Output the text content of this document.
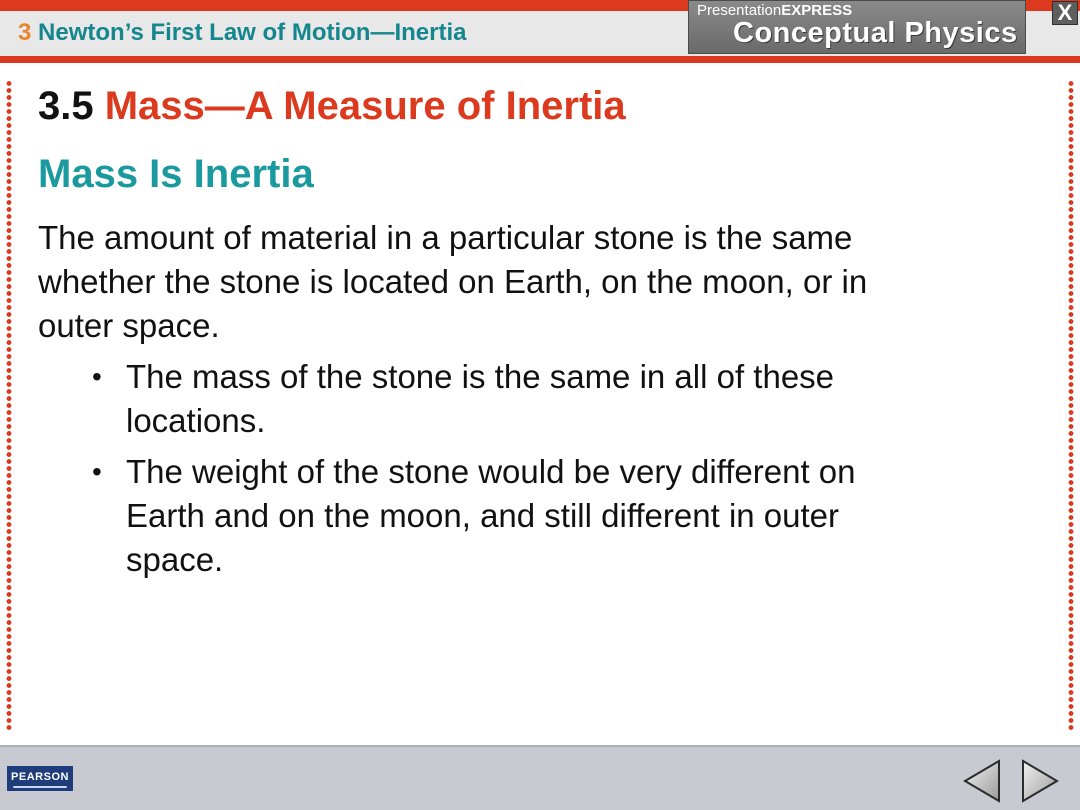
3 Newton’s First Law of Motion—Inertia
PresentationEXPRESS
Conceptual Physics
X
3.5 Mass—A Measure of Inertia
Mass Is Inertia
The amount of material in a particular stone is the same whether the stone is located on Earth, on the moon, or in outer space.
• The mass of the stone is the same in all of these locations.
• The weight of the stone would be very different on Earth and on the moon, and still different in outer space.
PEARSON
